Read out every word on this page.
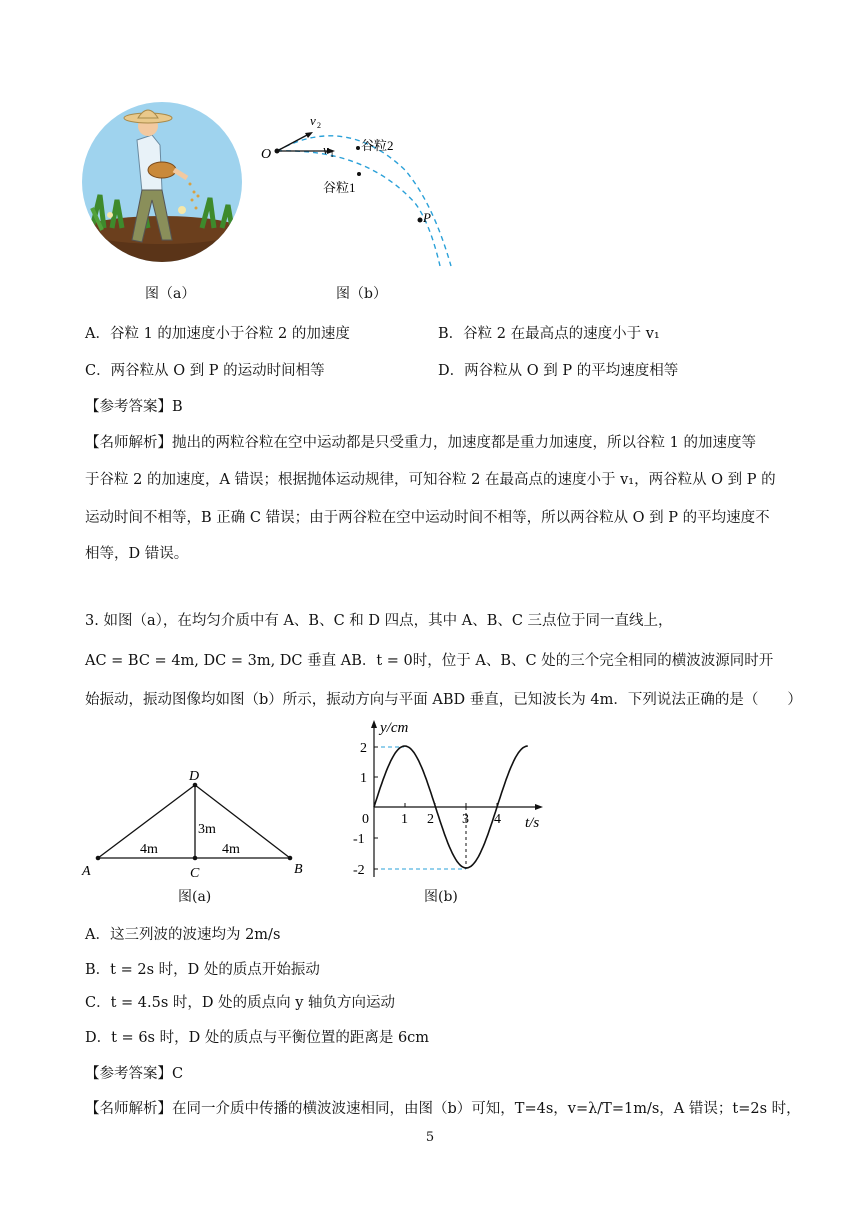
图（a）
O
v 2
v 1
谷粒2
谷粒1
P
图（b）
A．谷粒 1 的加速度小于谷粒 2 的加速度	B．谷粒 2 在最高点的速度小于 v₁
C．两谷粒从 O 到 P 的运动时间相等	D．两谷粒从 O 到 P 的平均速度相等
【参考答案】B
【名师解析】抛出的两粒谷粒在空中运动都是只受重力，加速度都是重力加速度，所以谷粒 1 的加速度等
于谷粒 2 的加速度，A 错误；根据抛体运动规律，可知谷粒 2 在最高点的速度小于 v₁，两谷粒从 O 到 P 的
运动时间不相等，B 正确 C 错误；由于两谷粒在空中运动时间不相等，所以两谷粒从 O 到 P 的平均速度不
相等，D 错误。
3. 如图（a），在均匀介质中有 A、B、C 和 D 四点，其中 A、B、C 三点位于同一直线上，
AC = BC = 4m, DC = 3m, DC 垂直 AB．t = 0时，位于 A、B、C 处的三个完全相同的横波波源同时开
始振动，振动图像均如图（b）所示，振动方向与平面 ABD 垂直，已知波长为 4m．下列说法正确的是（　　）
A	B
C
D
4m	4m
3m
图(a)
y/cm
t/s
0 1 2 3 4
2
1
-1
-2
图(b)
A．这三列波的波速均为 2m/s
B．t = 2s 时，D 处的质点开始振动
C．t = 4.5s 时，D 处的质点向 y 轴负方向运动
D．t = 6s 时，D 处的质点与平衡位置的距离是 6cm
【参考答案】C
【名师解析】在同一介质中传播的横波波速相同，由图（b）可知，T=4s，v=λ/T=1m/s，A 错误；t=2s 时，
5
